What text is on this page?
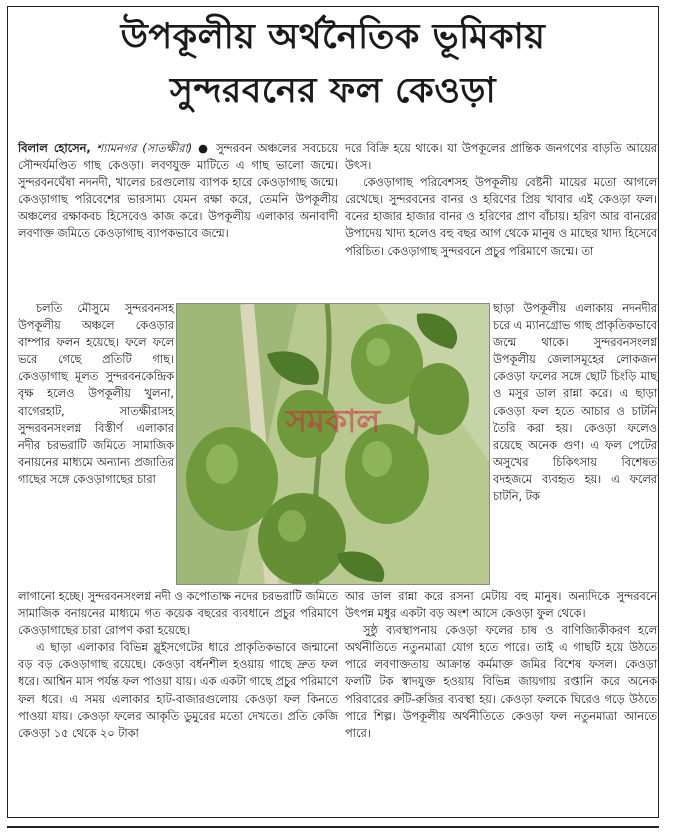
উপকূলীয় অর্থনৈতিক ভূমিকায়
সুন্দরবনের ফল কেওড়া

বিলাল হোসেন, শ্যামনগর (সাতক্ষীরা) ● সুন্দরবন অঞ্চলের সবচেয়ে সৌন্দর্যমণ্ডিত গাছ কেওড়া। লবণযুক্ত মাটিতে এ গাছ ভালো জন্মে। সুন্দরবনঘেঁষা নদনদী, খালের চরগুলোয় ব্যাপক হারে কেওড়াগাছ জন্মে। কেওড়াগাছ পরিবেশের ভারসাম্য যেমন রক্ষা করে, তেমনি উপকূলীয় অঞ্চলের রক্ষাকবচ হিসেবেও কাজ করে। উপকূলীয় এলাকার অনাবাদী লবণাক্ত জমিতে কেওড়াগাছ ব্যাপকভাবে জন্মে।

দরে বিক্রি হয়ে থাকে। যা উপকূলের প্রান্তিক জনগণের বাড়তি আয়ের উৎস।

কেওড়াগাছ পরিবেশসহ উপকূলীয় বেষ্টনী মায়ের মতো আগলে রেখেছে। সুন্দরবনের বানর ও হরিণের প্রিয় খাবার এই কেওড়া ফল। বনের হাজার হাজার বানর ও হরিণের প্রাণ বাঁচায়। হরিণ আর বানরের উপাদেয় খাদ্য হলেও বহু বছর আগ থেকে মানুষ ও মাছের খাদ্য হিসেবে পরিচিত। কেওড়াগাছ সুন্দরবনে প্রচুর পরিমাণে জন্মে। তা

চলতি মৌসুমে সুন্দরবনসহ উপকূলীয় অঞ্চলে কেওড়ার বাম্পার ফলন হয়েছে। ফলে ফলে ভরে গেছে প্রতিটি গাছ। কেওড়াগাছ মূলত সুন্দরবনকেন্দ্রিক বৃক্ষ হলেও উপকূলীয় খুলনা, বাগেরহাট, সাতক্ষীরাসহ সুন্দরবনসংলগ্ন বিস্তীর্ণ এলাকার নদীর চরভরাটি জমিতে সামাজিক বনায়নের মাধ্যমে অন্যান্য প্রজাতির গাছের সঙ্গে কেওড়াগাছের চারা

সমকাল

ছাড়া উপকূলীয় এলাকায় নদনদীর চরে এ ম্যানগ্রোভ গাছ প্রাকৃতিকভাবে জন্মে থাকে। সুন্দরবনসংলগ্ন উপকূলীয় জেলাসমূহের লোকজন কেওড়া ফলের সঙ্গে ছোট চিংড়ি মাছ ও মসুর ডাল রান্না করে। এ ছাড়া কেওড়া ফল হতে আচার ও চাটনি তৈরি করা হয়। কেওড়া ফলেও রয়েছে অনেক গুণ। এ ফল পেটের অসুখের চিকিৎসায় বিশেষত বদহজমে ব্যবহৃত হয়। এ ফলের চাটনি, টক

লাগানো হচ্ছে। সুন্দরবনসংলগ্ন নদী ও কপোতাক্ষ নদের চরভরাটি জমিতে সামাজিক বনায়নের মাধ্যমে গত কয়েক বছরের ব্যবধানে প্রচুর পরিমাণে কেওড়াগাছের চারা রোপণ করা হয়েছে।

এ ছাড়া এলাকার বিভিন্ন স্লুইসগেটের ধারে প্রাকৃতিকভাবে জন্মানো বড় বড় কেওড়াগাছ রয়েছে। কেওড়া বর্ধনশীল হওয়ায় গাছে দ্রুত ফল ধরে। আশ্বিন মাস পর্যন্ত ফল পাওয়া যায়। এক একটা গাছে প্রচুর পরিমাণে ফল ধরে। এ সময় এলাকার হাট-বাজারগুলোয় কেওড়া ফল কিনতে পাওয়া যায়। কেওড়া ফলের আকৃতি ডুমুরের মতো দেখতে। প্রতি কেজি কেওড়া ১৫ থেকে ২০ টাকা

আর ডাল রান্না করে রসনা মেটায় বহু মানুষ। অন্যদিকে সুন্দরবনে উৎপন্ন মধুর একটা বড় অংশ আসে কেওড়া ফুল থেকে।

সুষ্ঠু ব্যবস্থাপনায় কেওড়া ফলের চাষ ও বাণিজ্যিকীকরণ হলে অর্থনীতিতে নতুনমাত্রা যোগ হতে পারে। তাই এ গাছটি হয়ে উঠতে পারে লবণাক্ততায় আক্রান্ত কর্মমাক্ত জমির বিশেষ ফসল। কেওড়া ফলটি টক স্বাদযুক্ত হওয়ায় বিভিন্ন জায়গায় রপ্তানি করে অনেক পরিবারের রুটি-রুজির ব্যবস্থা হয়। কেওড়া ফলকে ঘিরেও গড়ে উঠতে পারে শিল্প। উপকূলীয় অর্থনীতিতে কেওড়া ফল নতুনমাত্রা আনতে পারে।
